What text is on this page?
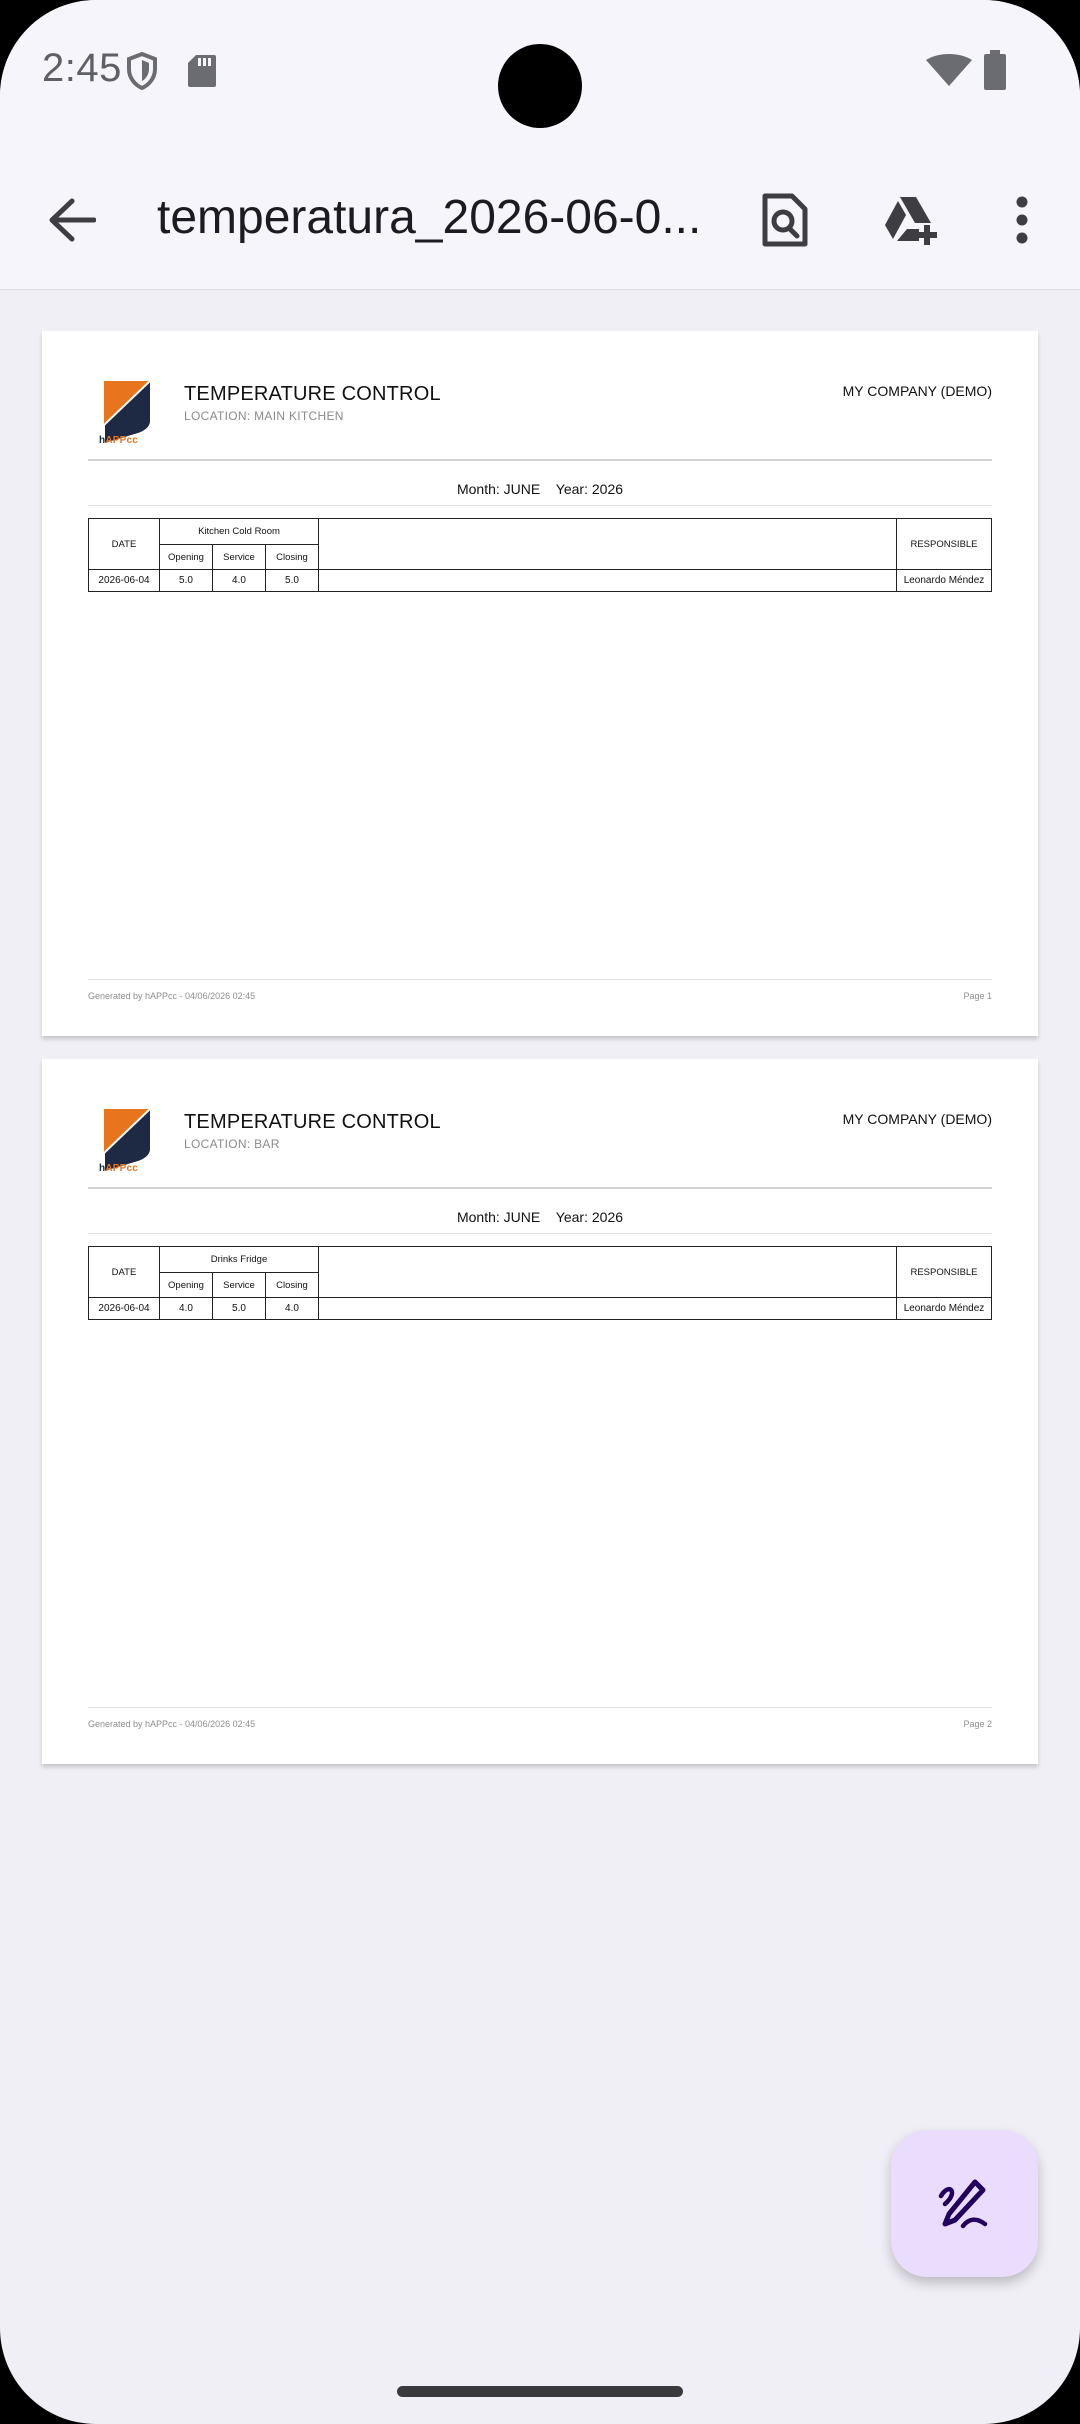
2:45
temperatura_2026-06-0...
hAPPcc
TEMPERATURE CONTROL
LOCATION: MAIN KITCHEN
MY COMPANY (DEMO)
Month: JUNE Year: 2026
DATE	Kitchen Cold Room				RESPONSIBLE
	Opening	Service	Closing		
2026-06-04	5.0	4.0	5.0		Leonardo Méndez
Generated by hAPPcc - 04/06/2026 02:45	Page 1
hAPPcc
TEMPERATURE CONTROL
LOCATION: BAR
MY COMPANY (DEMO)
Month: JUNE Year: 2026
DATE	Drinks Fridge				RESPONSIBLE
	Opening	Service	Closing		
2026-06-04	4.0	5.0	4.0		Leonardo Méndez
Generated by hAPPcc - 04/06/2026 02:45	Page 2
